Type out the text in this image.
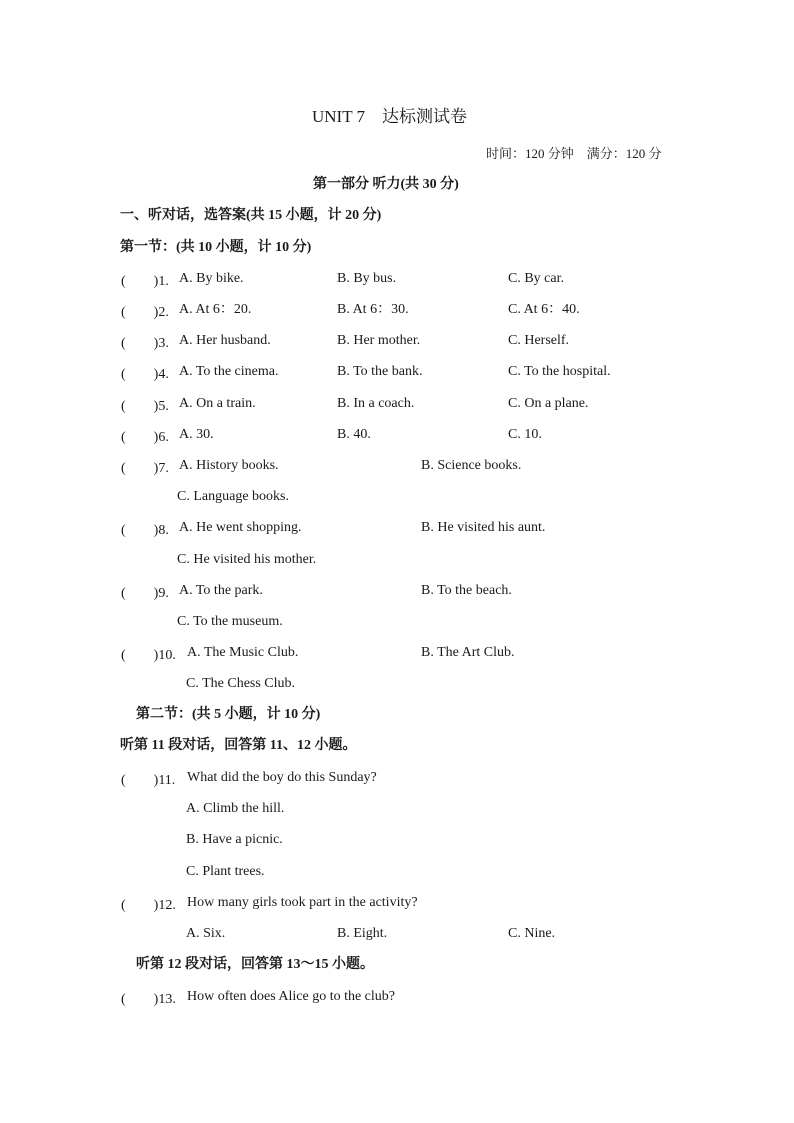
UNIT 7　达标测试卷
时间：120 分钟　满分：120 分
第一部分 听力(共 30 分)
一、听对话，选答案(共 15 小题，计 20 分)
第一节：(共 10 小题，计 10 分)
(　　)1. A. By bike.	B. By bus.	C. By car.
(　　)2. A. At 6：20.	B. At 6：30.	C. At 6：40.
(　　)3. A. Her husband.	B. Her mother.	C. Herself.
(　　)4. A. To the cinema.	B. To the bank.	C. To the hospital.
(　　)5. A. On a train.	B. In a coach.	C. On a plane.
(　　)6. A. 30.	B. 40.	C. 10.
(　　)7. A. History books.	B. Science books.
C. Language books.
(　　)8. A. He went shopping.	B. He visited his aunt.
C. He visited his mother.
(　　)9. A. To the park.	B. To the beach.
C. To the museum.
(　　)10. A. The Music Club.	B. The Art Club.
C. The Chess Club.
第二节：(共 5 小题，计 10 分)
听第 11 段对话，回答第 11、12 小题。
(　　)11. What did the boy do this Sunday?
A. Climb the hill.
B. Have a picnic.
C. Plant trees.
(　　)12. How many girls took part in the activity?
A. Six.	B. Eight.	C. Nine.
听第 12 段对话，回答第 13～15 小题。
(　　)13. How often does Alice go to the club?
